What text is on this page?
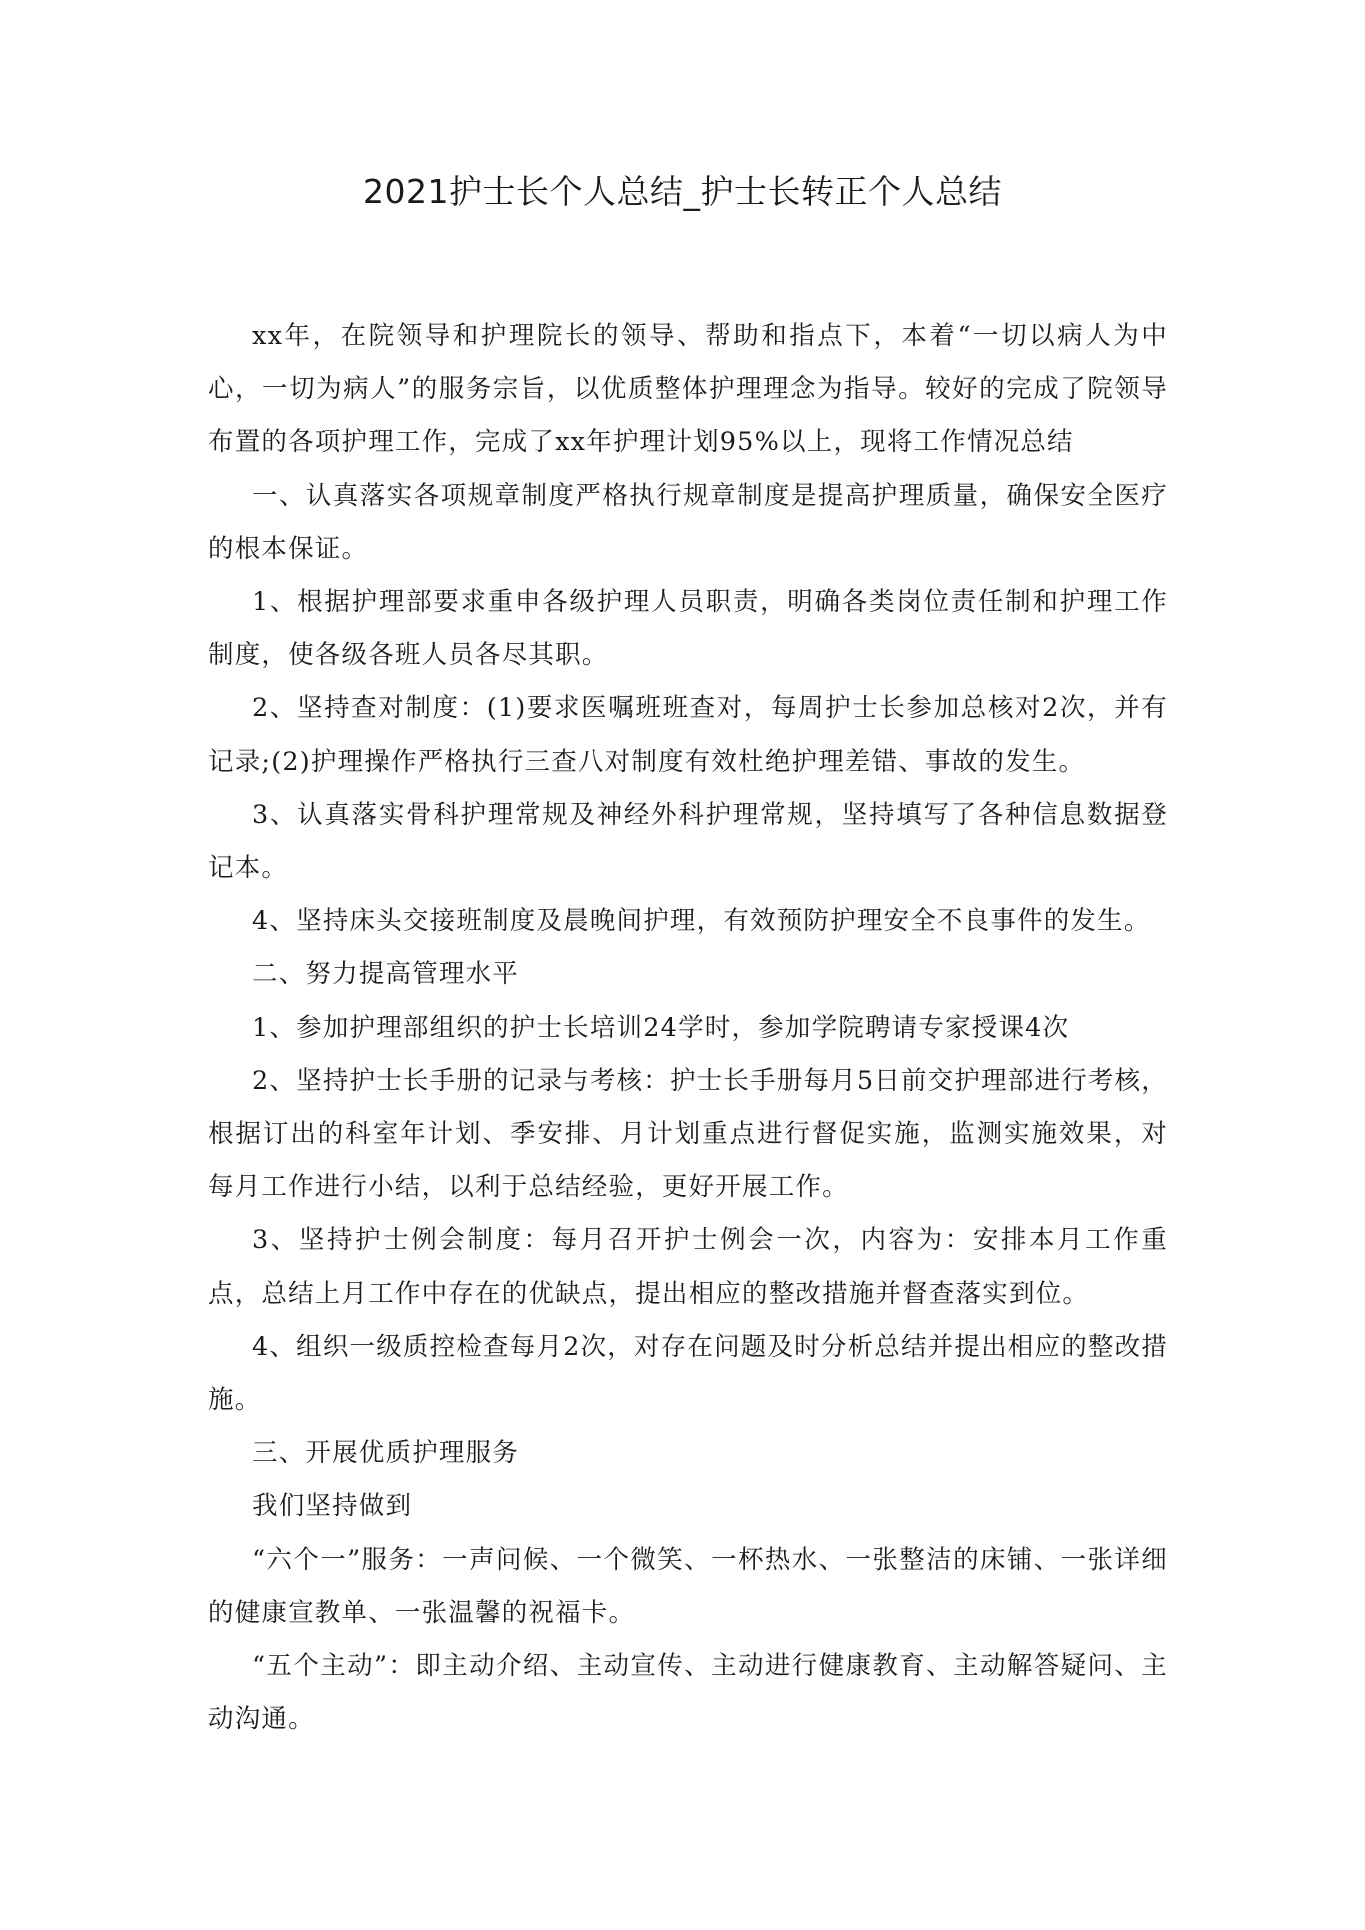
2021护士长个人总结_护士长转正个人总结

xx年，在院领导和护理院长的领导、帮助和指点下，本着“一切以病人为中心，一切为病人”的服务宗旨，以优质整体护理理念为指导。较好的完成了院领导布置的各项护理工作，完成了xx年护理计划95%以上，现将工作情况总结

一、认真落实各项规章制度严格执行规章制度是提高护理质量，确保安全医疗的根本保证。

1、根据护理部要求重申各级护理人员职责，明确各类岗位责任制和护理工作制度，使各级各班人员各尽其职。

2、坚持查对制度：(1)要求医嘱班班查对，每周护士长参加总核对2次，并有记录;(2)护理操作严格执行三查八对制度有效杜绝护理差错、事故的发生。

3、认真落实骨科护理常规及神经外科护理常规，坚持填写了各种信息数据登记本。

4、坚持床头交接班制度及晨晚间护理，有效预防护理安全不良事件的发生。

二、努力提高管理水平

1、参加护理部组织的护士长培训24学时，参加学院聘请专家授课4次

2、坚持护士长手册的记录与考核：护士长手册每月5日前交护理部进行考核，根据订出的科室年计划、季安排、月计划重点进行督促实施，监测实施效果，对每月工作进行小结，以利于总结经验，更好开展工作。

3、坚持护士例会制度：每月召开护士例会一次，内容为：安排本月工作重点，总结上月工作中存在的优缺点，提出相应的整改措施并督查落实到位。

4、组织一级质控检查每月2次，对存在问题及时分析总结并提出相应的整改措施。

三、开展优质护理服务

我们坚持做到

“六个一”服务：一声问候、一个微笑、一杯热水、一张整洁的床铺、一张详细的健康宣教单、一张温馨的祝福卡。

“五个主动”：即主动介绍、主动宣传、主动进行健康教育、主动解答疑问、主动沟通。
